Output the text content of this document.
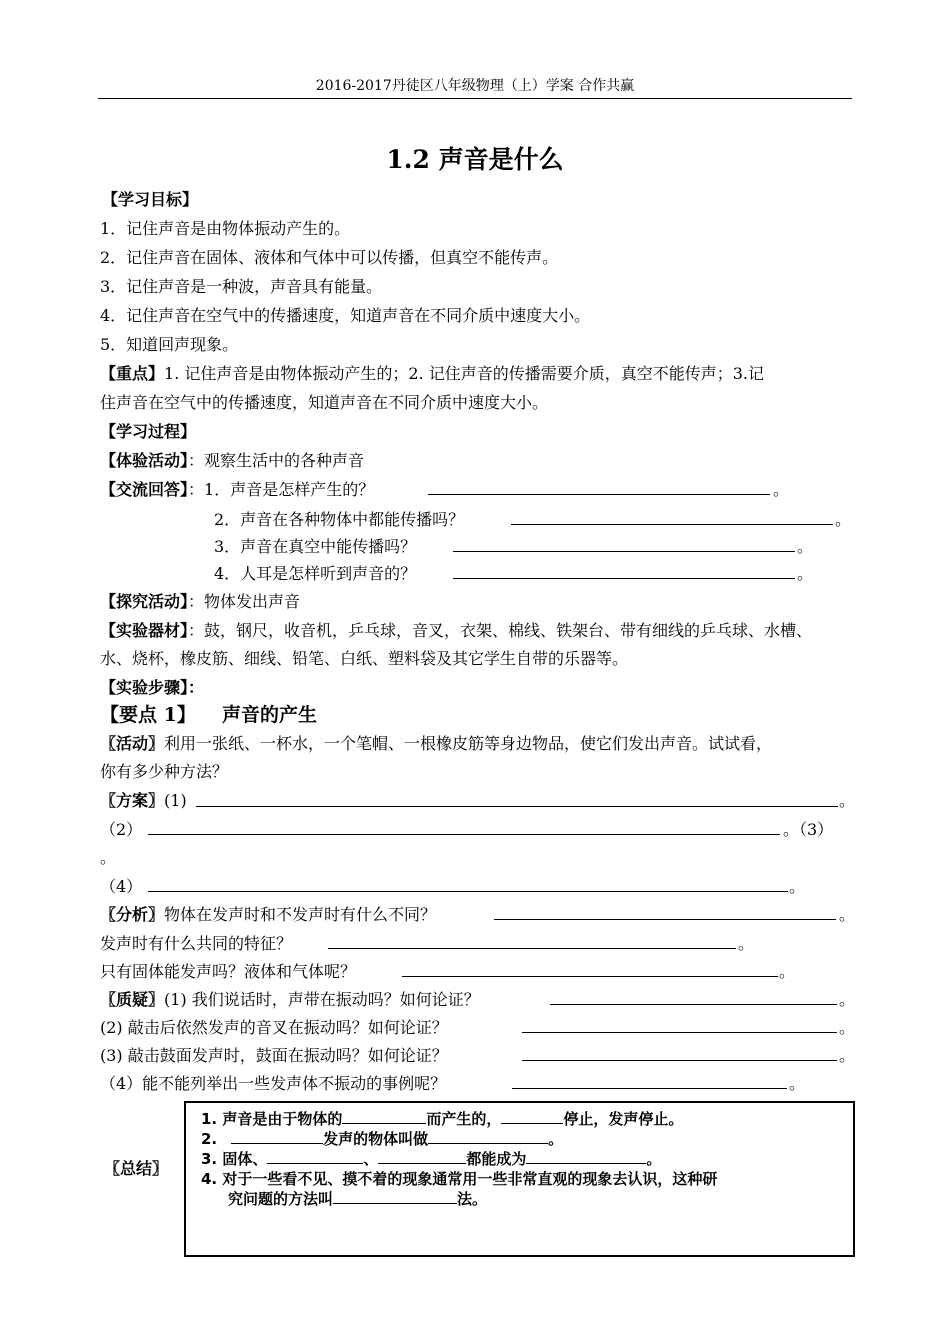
2016-2017丹徒区八年级物理（上）学案 合作共赢
1.2 声音是什么
【学习目标】
1．记住声音是由物体振动产生的。
2．记住声音在固体、液体和气体中可以传播，但真空不能传声。
3．记住声音是一种波，声音具有能量。
4．记住声音在空气中的传播速度，知道声音在不同介质中速度大小。
5．知道回声现象。
【重点】1. 记住声音是由物体振动产生的；2. 记住声音的传播需要介质，真空不能传声；3.记
住声音在空气中的传播速度，知道声音在不同介质中速度大小。
【学习过程】
【体验活动】：观察生活中的各种声音
【交流回答】：1．声音是怎样产生的？	。
2．声音在各种物体中都能传播吗？	。
3．声音在真空中能传播吗？	。
4．人耳是怎样听到声音的？	。
【探究活动】：物体发出声音
【实验器材】：鼓，钢尺，收音机，乒乓球，音叉，衣架、棉线、铁架台、带有细线的乒乓球、水槽、
水、烧杯，橡皮筋、细线、铅笔、白纸、塑料袋及其它学生自带的乐器等。
【实验步骤】：
【要点 1】 声音的产生
〖活动〗利用一张纸、一杯水，一个笔帽、一根橡皮筋等身边物品，使它们发出声音。试试看，
你有多少种方法？
〖方案〗(1)	。
（2）	。（3）
。
（4）	。
〖分析〗物体在发声时和不发声时有什么不同？	。
发声时有什么共同的特征？	。
只有固体能发声吗？液体和气体呢？	。
〖质疑〗(1) 我们说话时，声带在振动吗？如何论证？	。
(2) 敲击后依然发声的音叉在振动吗？如何论证？	。
(3) 敲击鼓面发声时，鼓面在振动吗？如何论证？	。
（4）能不能列举出一些发声体不振动的事例呢？	。
〖总结〗
1. 声音是由于物体的	而产生的，	停止，发声停止。
2.	发声的物体叫做	。
3. 固体、	、	都能成为	。
4. 对于一些看不见、摸不着的现象通常用一些非常直观的现象去认识，这种研
究问题的方法叫	法。
